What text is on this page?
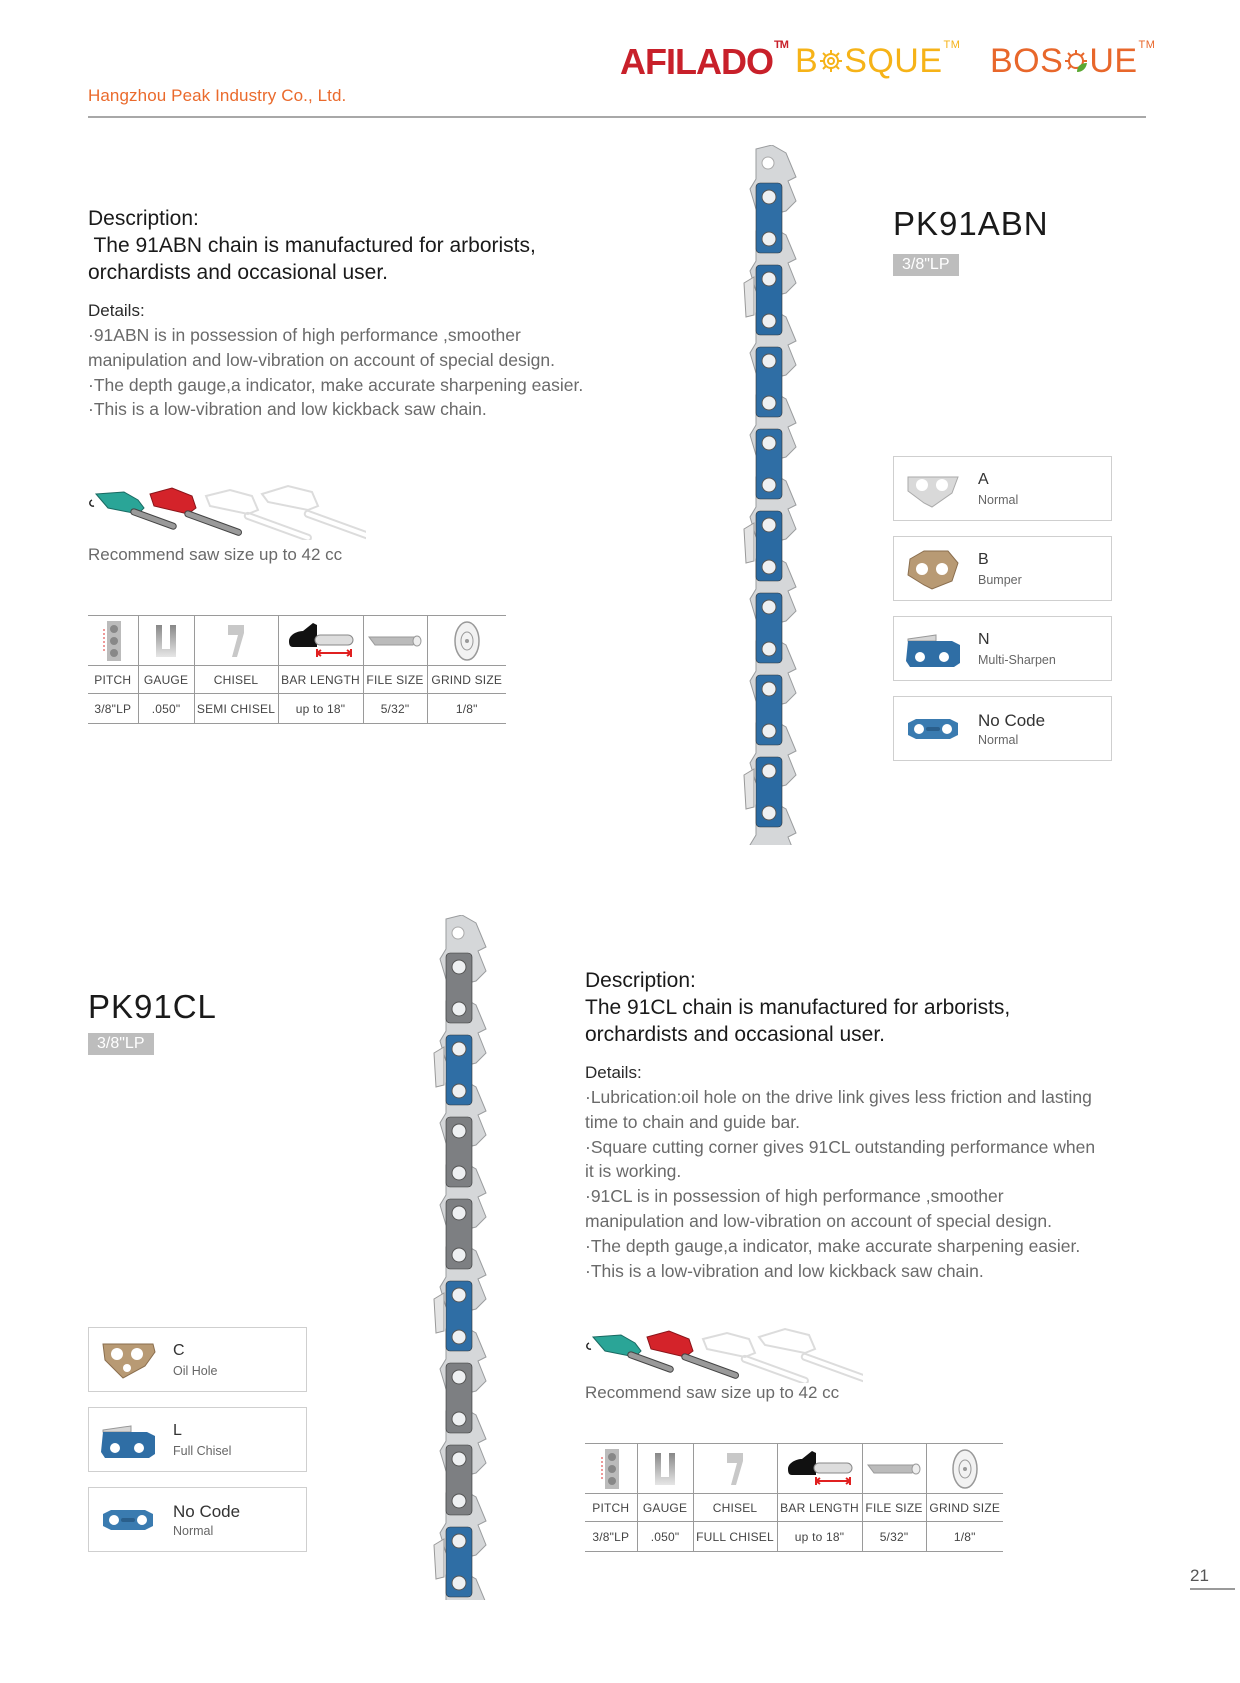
AFILADO™ B SQUE™ BOS UE™
Hangzhou Peak Industry Co., Ltd.
Description:
The 91ABN chain is manufactured for arborists,
orchardists and occasional user.
Details:
·91ABN is in possession of high performance ,smoother
manipulation and low-vibration on account of special design.
·The depth gauge,a indicator, make accurate sharpening easier.
·This is a low-vibration and low kickback saw chain.
Recommend saw size up to 42 cc

PITCH	GAUGE	CHISEL	BAR LENGTH	FILE SIZE	GRIND SIZE
3/8"LP	.050"	SEMI CHISEL	up to 18"	5/32"	1/8"
PK91ABN
3/8"LP
A
Normal
B
Bumper
N
Multi-Sharpen
No Code
Normal
PK91CL
3/8"LP
Description:
The 91CL chain is manufactured for arborists,
orchardists and occasional user.
Details:
·Lubrication:oil hole on the drive link gives less friction and lasting
time to chain and guide bar.
·Square cutting corner gives 91CL outstanding performance when
it is working.
·91CL is in possession of high performance ,smoother
manipulation and low-vibration on account of special design.
·The depth gauge,a indicator, make accurate sharpening easier.
·This is a low-vibration and low kickback saw chain.
Recommend saw size up to 42 cc

PITCH	GAUGE	CHISEL	BAR LENGTH	FILE SIZE	GRIND SIZE
3/8"LP	.050"	FULL CHISEL	up to 18"	5/32"	1/8"
C
Oil Hole
L
Full Chisel
No Code
Normal
21
